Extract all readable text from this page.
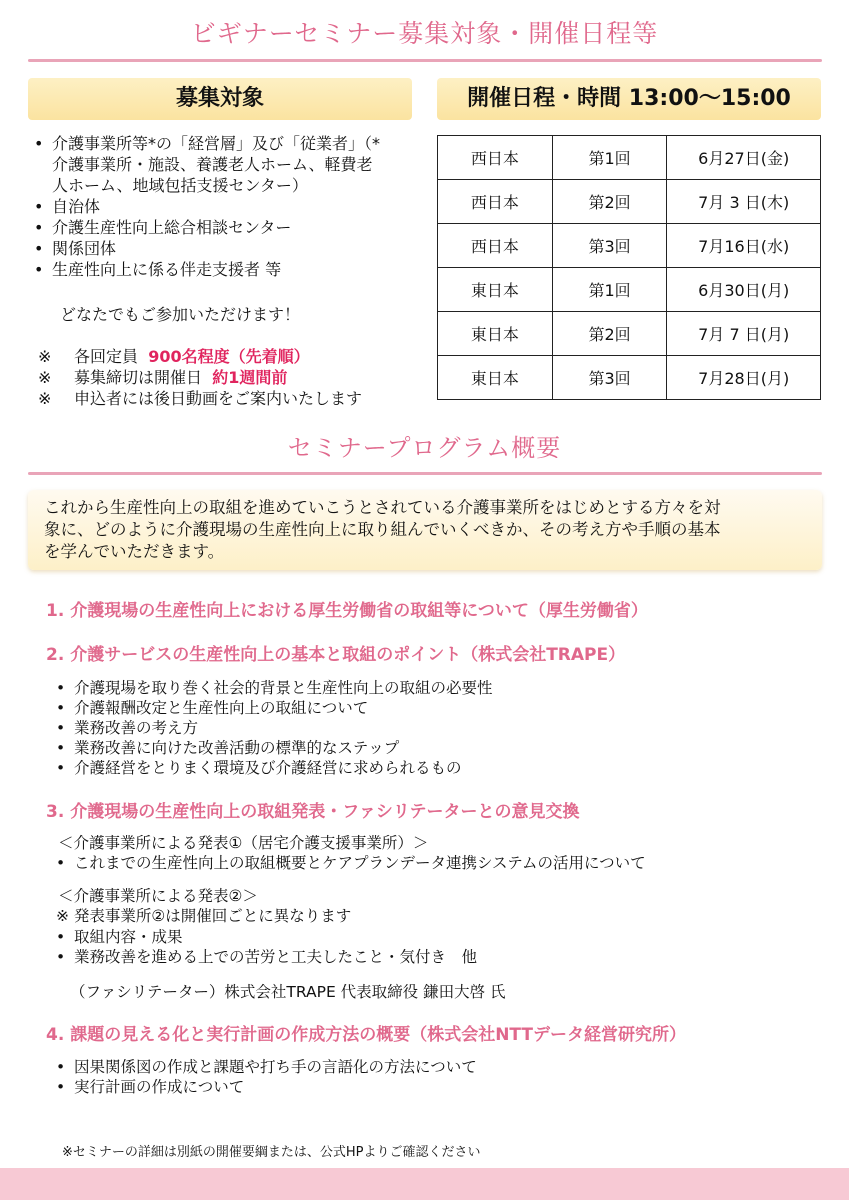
ビギナーセミナー募集対象・開催日程等
募集対象
• 介護事業所等*の「経営層」及び「従業者」（*
介護事業所・施設、養護老人ホーム、軽費老
人ホーム、地域包括支援センター）
• 自治体
• 介護生産性向上総合相談センター
• 関係団体
• 生産性向上に係る伴走支援者 等
どなたでもご参加いただけます！
※ 各回定員 900名程度（先着順）
※ 募集締切は開催日 約1週間前
※ 申込者には後日動画をご案内いたします
開催日程・時間 13:00〜15:00
西日本	第1回	6月27日(金)
西日本	第2回	7月 3 日(木)
西日本	第3回	7月16日(水)
東日本	第1回	6月30日(月)
東日本	第2回	7月 7 日(月)
東日本	第3回	7月28日(月)
セミナープログラム概要
これから生産性向上の取組を進めていこうとされている介護事業所をはじめとする方々を対
象に、どのように介護現場の生産性向上に取り組んでいくべきか、その考え方や手順の基本
を学んでいただきます。
1. 介護現場の生産性向上における厚生労働省の取組等について（厚生労働省）
2. 介護サービスの生産性向上の基本と取組のポイント（株式会社TRAPE）
• 介護現場を取り巻く社会的背景と生産性向上の取組の必要性
• 介護報酬改定と生産性向上の取組について
• 業務改善の考え方
• 業務改善に向けた改善活動の標準的なステップ
• 介護経営をとりまく環境及び介護経営に求められるもの
3. 介護現場の生産性向上の取組発表・ファシリテーターとの意見交換
＜介護事業所による発表①（居宅介護支援事業所）＞
• これまでの生産性向上の取組概要とケアプランデータ連携システムの活用について
＜介護事業所による発表②＞
※ 発表事業所②は開催回ごとに異なります
• 取組内容・成果
• 業務改善を進める上での苦労と工夫したこと・気付き　他
（ファシリテーター）株式会社TRAPE 代表取締役 鎌田大啓 氏
4. 課題の見える化と実行計画の作成方法の概要（株式会社NTTデータ経営研究所）
• 因果関係図の作成と課題や打ち手の言語化の方法について
• 実行計画の作成について
※セミナーの詳細は別紙の開催要綱または、公式HPよりご確認ください
